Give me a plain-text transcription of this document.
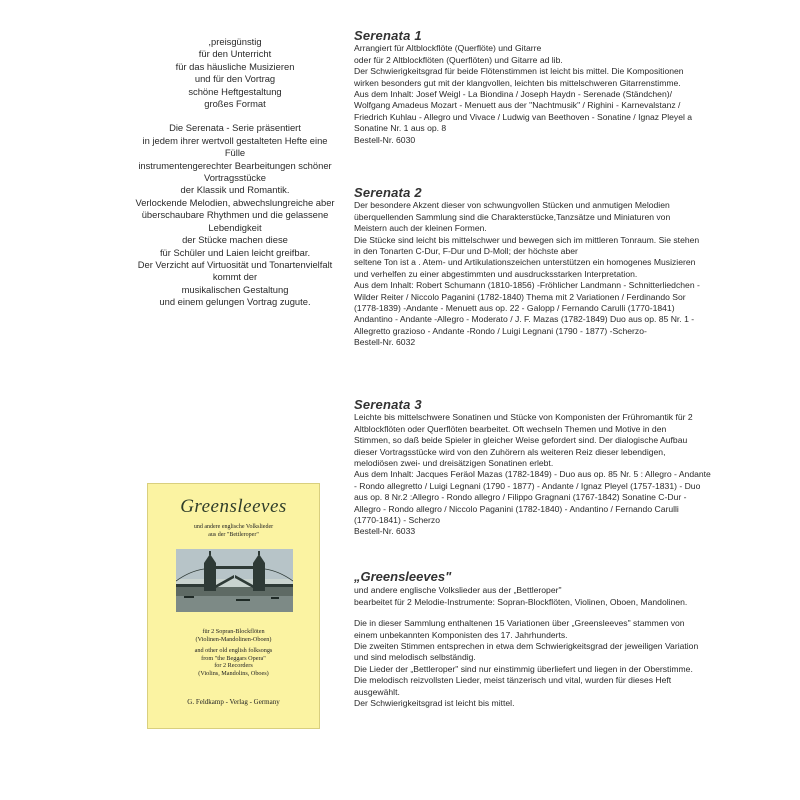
,preisgünstig

für den Unterricht

für das häusliche Musizieren

und für den Vortrag

schöne Heftgestaltung

großes Format

Die Serenata - Serie präsentiert

in jedem ihrer wertvoll gestalteten Hefte eine

Fülle

instrumentengerechter Bearbeitungen schöner

Vortragsstücke

der Klassik und Romantik.

Verlockende Melodien, abwechslungreiche aber

überschaubare Rhythmen und die gelassene

Lebendigkeit

der Stücke machen diese

für Schüler und Laien leicht greifbar.

Der Verzicht auf Virtuosität und Tonartenvielfalt

kommt der

musikalischen Gestaltung

und einem gelungen Vortrag zugute.

Serenata 1

Arrangiert für Altblockflöte (Querflöte) und Gitarre

oder für 2 Altblockflöten (Querflöten) und Gitarre ad lib.

Der Schwierigkeitsgrad für beide Flötenstimmen ist leicht bis mittel. Die Kompositionen

wirken besonders gut mit der klangvollen, leichten bis mittelschweren Gitarrenstimme.

Aus dem Inhalt: Josef Weigl - La Biondina / Joseph Haydn - Serenade (Ständchen)/

Wolfgang Amadeus Mozart - Menuett aus der "Nachtmusik" / Righini - Karnevalstanz /

Friedrich Kuhlau - Allegro und Vivace / Ludwig van Beethoven - Sonatine / Ignaz Pleyel a

Sonatine Nr. 1 aus op. 8

Bestell-Nr. 6030

Serenata 2

Der besondere Akzent dieser von schwungvollen Stücken und anmutigen Melodien

überquellenden Sammlung sind die Charakterstücke,Tanzsätze und Miniaturen von

Meistern auch der kleinen Formen.

Die Stücke sind leicht bis mittelschwer und bewegen sich im mittleren Tonraum. Sie stehen

in den Tonarten C-Dur, F-Dur und D-Moll; der höchste aber

seltene Ton ist a . Atem- und Artikulationszeichen unterstützen ein homogenes Musizieren

und verhelfen zu einer abgestimmten und ausdrucksstarken Interpretation.

Aus dem Inhalt: Robert Schumann (1810-1856) -Fröhlicher Landmann - Schnitterliedchen -

Wilder Reiter / Niccolo Paganini (1782-1840) Thema mit 2 Variationen / Ferdinando Sor

(1778-1839) -Andante - Menuett aus op. 22 - Galopp / Fernando Carulli (1770-1841)

Andantino - Andante -Allegro - Moderato / J. F. Mazas (1782-1849) Duo aus op. 85 Nr. 1 -

Allegretto grazioso - Andante -Rondo / Luigi Legnani (1790 - 1877) -Scherzo-

Bestell-Nr. 6032

Serenata 3

Leichte bis mittelschwere Sonatinen und Stücke von Komponisten der Frühromantik für 2

Altblockflöten oder Querflöten bearbeitet. Oft wechseln Themen und Motive in den

Stimmen, so daß beide Spieler in gleicher Weise gefordert sind. Der dialogische Aufbau

dieser Vortragsstücke wird von den Zuhörern als weiteren Reiz dieser lebendigen,

melodiösen zwei- und dreisätzigen Sonatinen erlebt.

Aus dem Inhalt: Jacques Feräol Mazas (1782-1849) - Duo aus op. 85 Nr. 5 : Allegro - Andante

- Rondo allegretto / Luigi Legnani (1790 - 1877) - Andante / Ignaz Pleyel (1757-1831) - Duo

aus op. 8 Nr.2 :Allegro - Rondo allegro / Filippo Gragnani (1767-1842) Sonatine C-Dur -

Allegro - Rondo allegro / Niccolo Paganini (1782-1840) - Andantino / Fernando Carulli

(1770-1841) - Scherzo

Bestell-Nr. 6033

„Greensleeves"

und andere englische Volkslieder aus der „Bettleroper"

bearbeitet für 2 Melodie-Instrumente: Sopran-Blockflöten, Violinen, Oboen, Mandolinen.

Die in dieser Sammlung enthaltenen 15 Variationen über „Greensleeves" stammen von

einem unbekannten Komponisten des 17. Jahrhunderts.

Die zweiten Stimmen entsprechen in etwa dem Schwierigkeitsgrad der jeweiligen Variation

und sind melodisch selbständig.

Die Lieder der „Bettleroper" sind nur einstimmig überliefert und liegen in der Oberstimme.

Die melodisch reizvollsten Lieder, meist tänzerisch und vital, wurden für dieses Heft

ausgewählt.

Der Schwierigkeitsgrad ist leicht bis mittel.

Greensleeves
und andere englische Volkslieder
aus der "Bettleroper"

für 2 Sopran-Blockflöten

(Violinen-Mandolinen-Oboen)

and other old english folksongs

from "the Beggars Opera"

for 2 Recorders

(Violins, Mandolins, Oboes)

G. Feldkamp - Verlag - Germany
